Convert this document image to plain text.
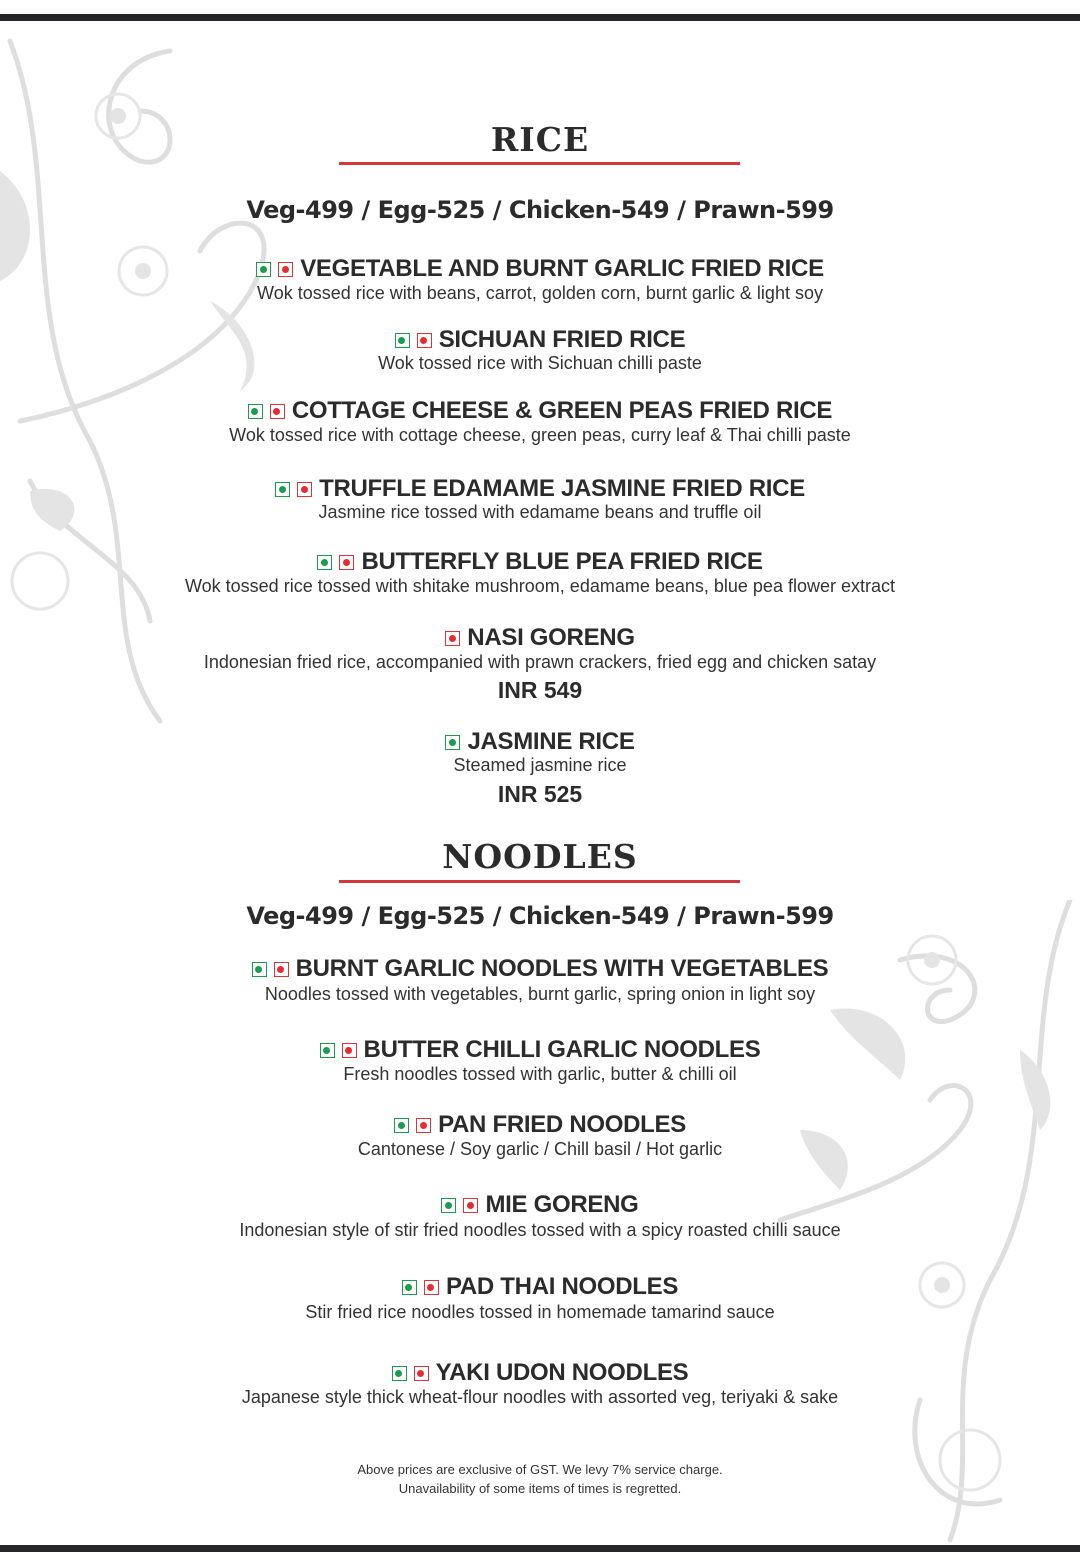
RICE
Veg-499 / Egg-525 / Chicken-549 / Prawn-599
VEGETABLE AND BURNT GARLIC FRIED RICE
Wok tossed rice with beans, carrot, golden corn, burnt garlic & light soy
SICHUAN FRIED RICE
Wok tossed rice with Sichuan chilli paste
COTTAGE CHEESE & GREEN PEAS FRIED RICE
Wok tossed rice with cottage cheese, green peas, curry leaf & Thai chilli paste
TRUFFLE EDAMAME JASMINE FRIED RICE
Jasmine rice tossed with edamame beans and truffle oil
BUTTERFLY BLUE PEA FRIED RICE
Wok tossed rice tossed with shitake mushroom, edamame beans, blue pea flower extract
NASI GORENG
Indonesian fried rice, accompanied with prawn crackers, fried egg and chicken satay
INR 549
JASMINE RICE
Steamed jasmine rice
INR 525
NOODLES
Veg-499 / Egg-525 / Chicken-549 / Prawn-599
BURNT GARLIC NOODLES WITH VEGETABLES
Noodles tossed with vegetables, burnt garlic, spring onion in light soy
BUTTER CHILLI GARLIC NOODLES
Fresh noodles tossed with garlic, butter & chilli oil
PAN FRIED NOODLES
Cantonese / Soy garlic / Chill basil / Hot garlic
MIE GORENG
Indonesian style of stir fried noodles tossed with a spicy roasted chilli sauce
PAD THAI NOODLES
Stir fried rice noodles tossed in homemade tamarind sauce
YAKI UDON NOODLES
Japanese style thick wheat-flour noodles with assorted veg, teriyaki & sake
Above prices are exclusive of GST. We levy 7% service charge.
Unavailability of some items of times is regretted.
